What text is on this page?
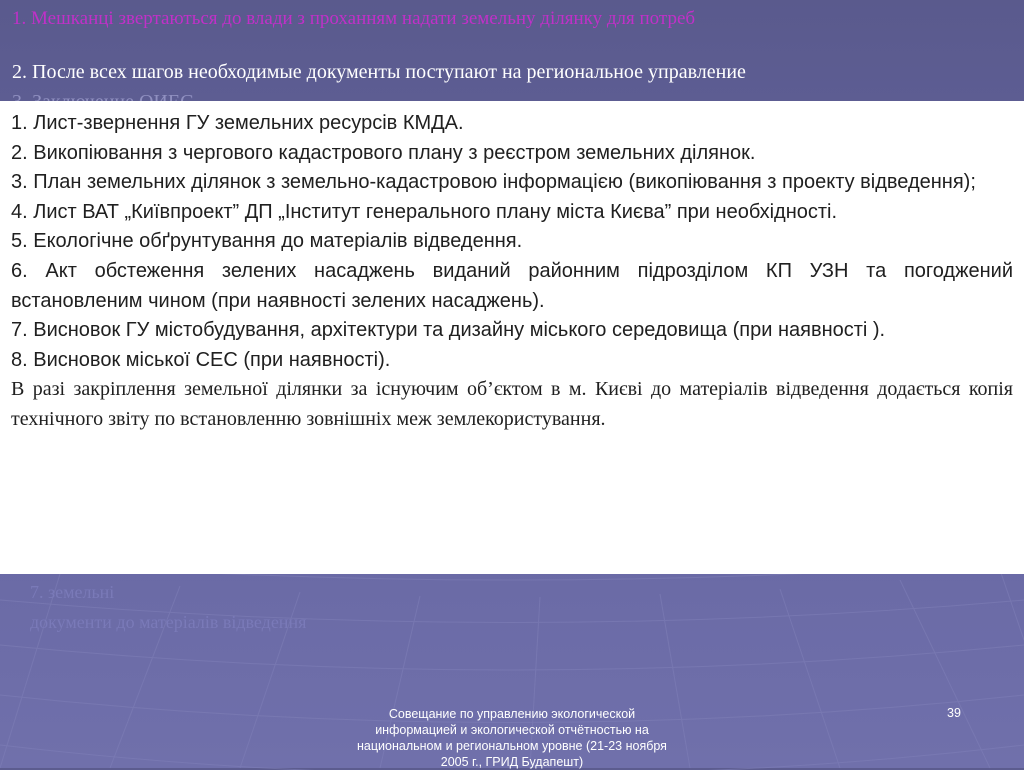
1. Мешканці звертаються до влади з проханням надати земельну ділянку для потреб
2. После всех шагов необходимые документы поступают на региональное управление
7. земельні
документи до матеріалів відведення

1. Лист-звернення ГУ земельних ресурсів КМДА.

2. Викопіювання з чергового кадастрового плану з реєстром земельних ділянок.

3. План земельних ділянок з земельно-кадастровою інформацією (викопіювання з проекту відведення);

4. Лист ВАТ „Київпроект” ДП „Інститут генерального плану міста Києва” при необхідності.

5. Екологічне обґрунтування до матеріалів відведення.

6. Акт обстеження зелених насаджень виданий районним підрозділом КП УЗН та погоджений встановленим чином (при наявності зелених насаджень).

7. Висновок ГУ містобудування, архітектури та дизайну міського середовища (при наявності ).

8. Висновок міської СЕС (при наявності).

В разі закріплення земельної ділянки за існуючим об’єктом в м. Києві до матеріалів відведення додається копія технічного звіту по встановленню зовнішніх меж землекористування.

Совещание по управлению экологической информацией и экологической отчётностью на национальном и региональном уровне (21-23 ноября 2005 г., ГРИД Будапешт)
39
